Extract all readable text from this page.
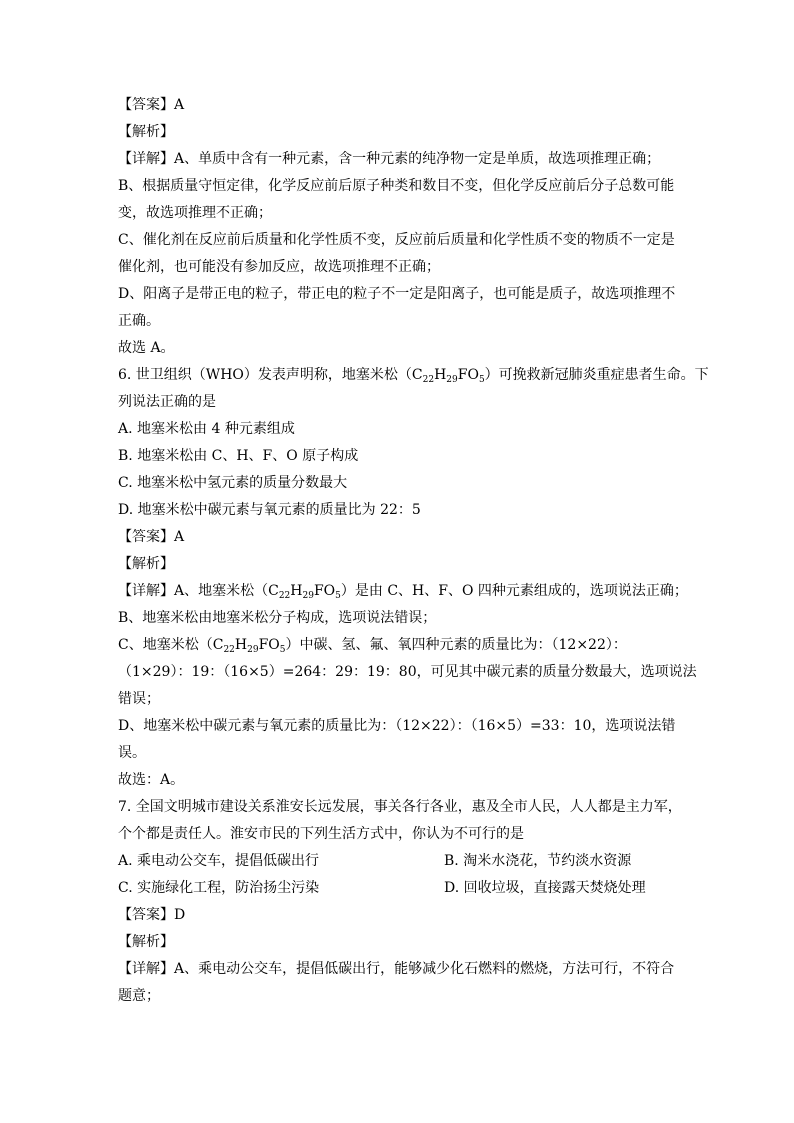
【答案】A
【解析】
【详解】A、单质中含有一种元素，含一种元素的纯净物一定是单质，故选项推理正确；
B、根据质量守恒定律，化学反应前后原子种类和数目不变，但化学反应前后分子总数可能
变，故选项推理不正确；
C、催化剂在反应前后质量和化学性质不变，反应前后质量和化学性质不变的物质不一定是
催化剂，也可能没有参加反应，故选项推理不正确；
D、阳离子是带正电的粒子，带正电的粒子不一定是阳离子，也可能是质子，故选项推理不
正确。
故选 A。
6. 世卫组织（WHO）发表声明称，地塞米松$(C_{22}H_{29}FO_5)$可挽救新冠肺炎重症患者生命。下
列说法正确的是
A. 地塞米松由 4 种元素组成
B. 地塞米松由 C、H、F、O 原子构成
C. 地塞米松中氢元素的质量分数最大
D. 地塞米松中碳元素与氧元素的质量比为 22：5
【答案】A
【解析】
【详解】A、地塞米松$(C_{22}H_{29}FO_5)$是由 C、H、F、O 四种元素组成的，选项说法正确；
B、地塞米松由地塞米松分子构成，选项说法错误；
C、地塞米松$(C_{22}H_{29}FO_5)$中碳、氢、氟、氧四种元素的质量比为：（12×22）：
（1×29）：19：（16×5）=264：29：19：80，可见其中碳元素的质量分数最大，选项说法
错误；
D、地塞米松中碳元素与氧元素的质量比为：（12×22）：（16×5）=33：10，选项说法错
误。
故选：A。
7. 全国文明城市建设关系淮安长远发展，事关各行各业，惠及全市人民，人人都是主力军，
个个都是责任人。淮安市民的下列生活方式中，你认为不可行的是
A. 乘电动公交车，提倡低碳出行	B. 淘米水浇花，节约淡水资源
C. 实施绿化工程，防治扬尘污染	D. 回收垃圾，直接露天焚烧处理
【答案】D
【解析】
【详解】A、乘电动公交车，提倡低碳出行，能够减少化石燃料的燃烧，方法可行，不符合
题意；
